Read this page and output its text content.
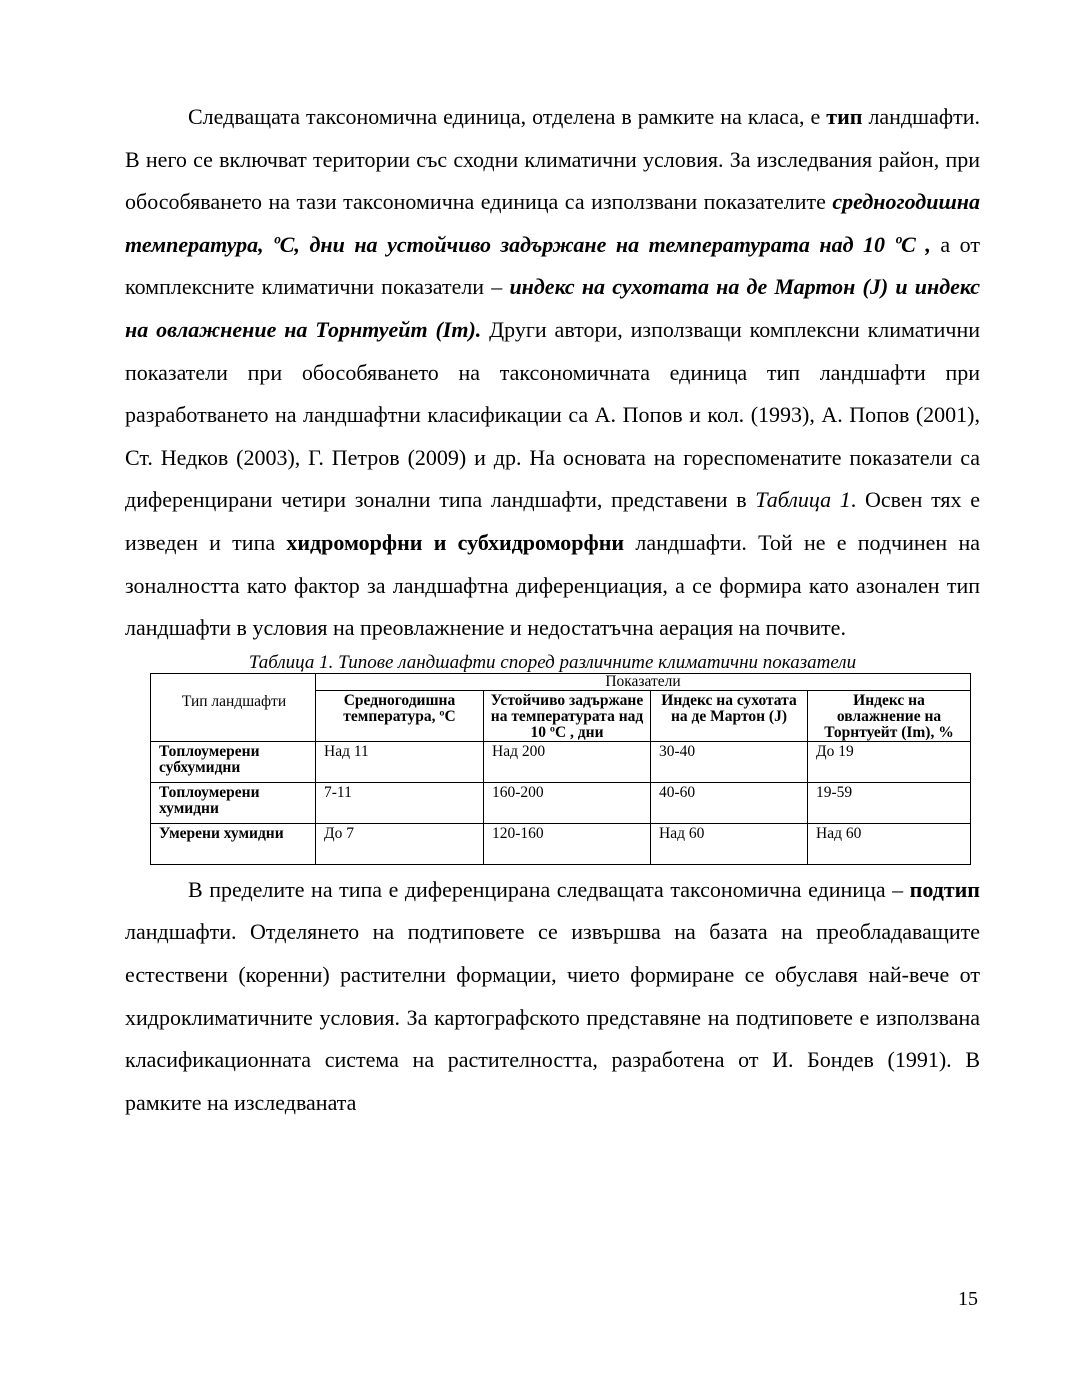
Следващата таксономична единица, отделена в рамките на класа, е тип ландшафти. В него се включват територии със сходни климатични условия. За изследвания район, при обособяването на тази таксономична единица са използвани показателите средногодишна температура, ºС, дни на устойчиво задържане на температурата над 10 ºС , а от комплексните климатични показатели – индекс на сухотата на де Мартон (J) и индекс на овлажнение на Торнтуейт (Im). Други автори, използващи комплексни климатични показатели при обособяването на таксономичната единица тип ландшафти при разработването на ландшафтни класификации са А. Попов и кол. (1993), А. Попов (2001), Ст. Недков (2003), Г. Петров (2009) и др. На основата на гореспоменатите показатели са диференцирани четири зонални типа ландшафти, представени в Таблица 1. Освен тях е изведен и типа хидроморфни и субхидроморфни ландшафти. Той не е подчинен на зоналността като фактор за ландшафтна диференциация, а се формира като азонален тип ландшафти в условия на преовлажнение и недостатъчна аерация на почвите.

Таблица 1. Типове ландшафти според различните климатични показатели
Тип ландшафти	Показатели			
	Средногодишна температура, ºС	Устойчиво задържане на температурата над 10 ºС , дни	Индекс на сухотата на де Мартон (J)	Индекс на овлажнение на Торнтуейт (Im), %
Топлоумерени субхумидни	Над 11	Над 200	30-40	До 19
Топлоумерени хумидни	7-11	160-200	40-60	19-59
Умерени хумидни	До 7	120-160	Над 60	Над 60

В пределите на типа е диференцирана следващата таксономична единица – подтип ландшафти. Отделянето на подтиповете се извършва на базата на преобладаващите естествени (коренни) растителни формации, чието формиране се обуславя най-вече от хидроклиматичните условия. За картографското представяне на подтиповете е използвана класификационната система на растителността, разработена от И. Бондев (1991). В рамките на изследваната

15
